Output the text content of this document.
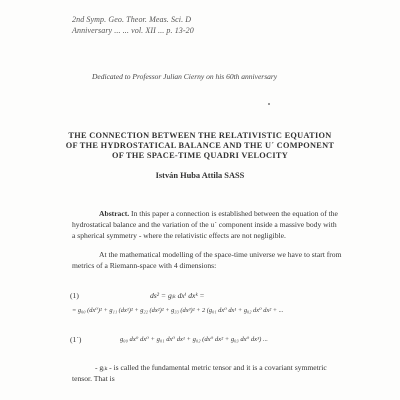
2nd Symp. Geo. Theor. Meas. Sci. D
Anniversary ... ... vol. XII ... p. 13-20
Dedicated to Professor Julian Cierny on his 60th anniversary
THE CONNECTION BETWEEN THE RELATIVISTIC EQUATION
OF THE HYDROSTATICAL BALANCE AND THE U´ COMPONENT
OF THE SPACE-TIME QUADRI VELOCITY
István Huba Attila SASS
Abstract. In this paper a connection is established between the equation of the
hydrostatical balance and the variation of the u´ component inside a massive body with
a spherical symmetry - where the relativistic effects are not negligible.
At the mathematical modelling of the space-time universe we have to start from
metrics of a Riemann-space with 4 dimensions:
(1)	ds² = gᵢₖ dxⁱ dxᵏ =
= g₀₀ (dx⁰)² + g₁₁ (dx¹)² + g₂₂ (dx²)² + g₃₃ (dx³)² + 2 (g₀₁ dx⁰ dx¹ + g₀₂ dx⁰ dx² + ...
(1´)	g₀₀ dx⁰ dx⁰ + g₀₁ dx⁰ dx¹ + g₀₂ (dx⁰ dx² + g₀₃ dx⁰ dx³) ...
- gᵢₖ - is called the fundamental metric tensor and it is a covariant symmetric
tensor. That is
